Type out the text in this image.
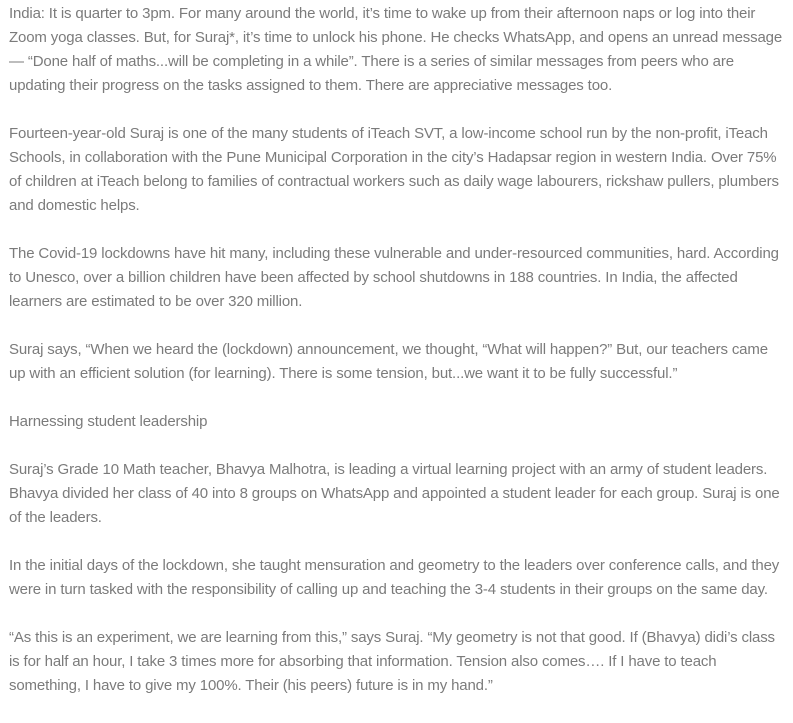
India: It is quarter to 3pm. For many around the world, it’s time to wake up from their afternoon naps or log into their Zoom yoga classes. But, for Suraj*, it’s time to unlock his phone. He checks WhatsApp, and opens an unread message — “Done half of maths...will be completing in a while”. There is a series of similar messages from peers who are updating their progress on the tasks assigned to them. There are appreciative messages too.

Fourteen-year-old Suraj is one of the many students of iTeach SVT, a low-income school run by the non-profit, iTeach Schools, in collaboration with the Pune Municipal Corporation in the city’s Hadapsar region in western India. Over 75% of children at iTeach belong to families of contractual workers such as daily wage labourers, rickshaw pullers, plumbers and domestic helps.

The Covid-19 lockdowns have hit many, including these vulnerable and under-resourced communities, hard. According to Unesco, over a billion children have been affected by school shutdowns in 188 countries. In India, the affected learners are estimated to be over 320 million.

Suraj says, “When we heard the (lockdown) announcement, we thought, “What will happen?” But, our teachers came up with an efficient solution (for learning). There is some tension, but...we want it to be fully successful.”

Harnessing student leadership

Suraj’s Grade 10 Math teacher, Bhavya Malhotra, is leading a virtual learning project with an army of student leaders. Bhavya divided her class of 40 into 8 groups on WhatsApp and appointed a student leader for each group. Suraj is one of the leaders.

In the initial days of the lockdown, she taught mensuration and geometry to the leaders over conference calls, and they were in turn tasked with the responsibility of calling up and teaching the 3-4 students in their groups on the same day.

“As this is an experiment, we are learning from this,” says Suraj. “My geometry is not that good. If (Bhavya) didi’s class is for half an hour, I take 3 times more for absorbing that information. Tension also comes…. If I have to teach something, I have to give my 100%. Their (his peers) future is in my hand.”
